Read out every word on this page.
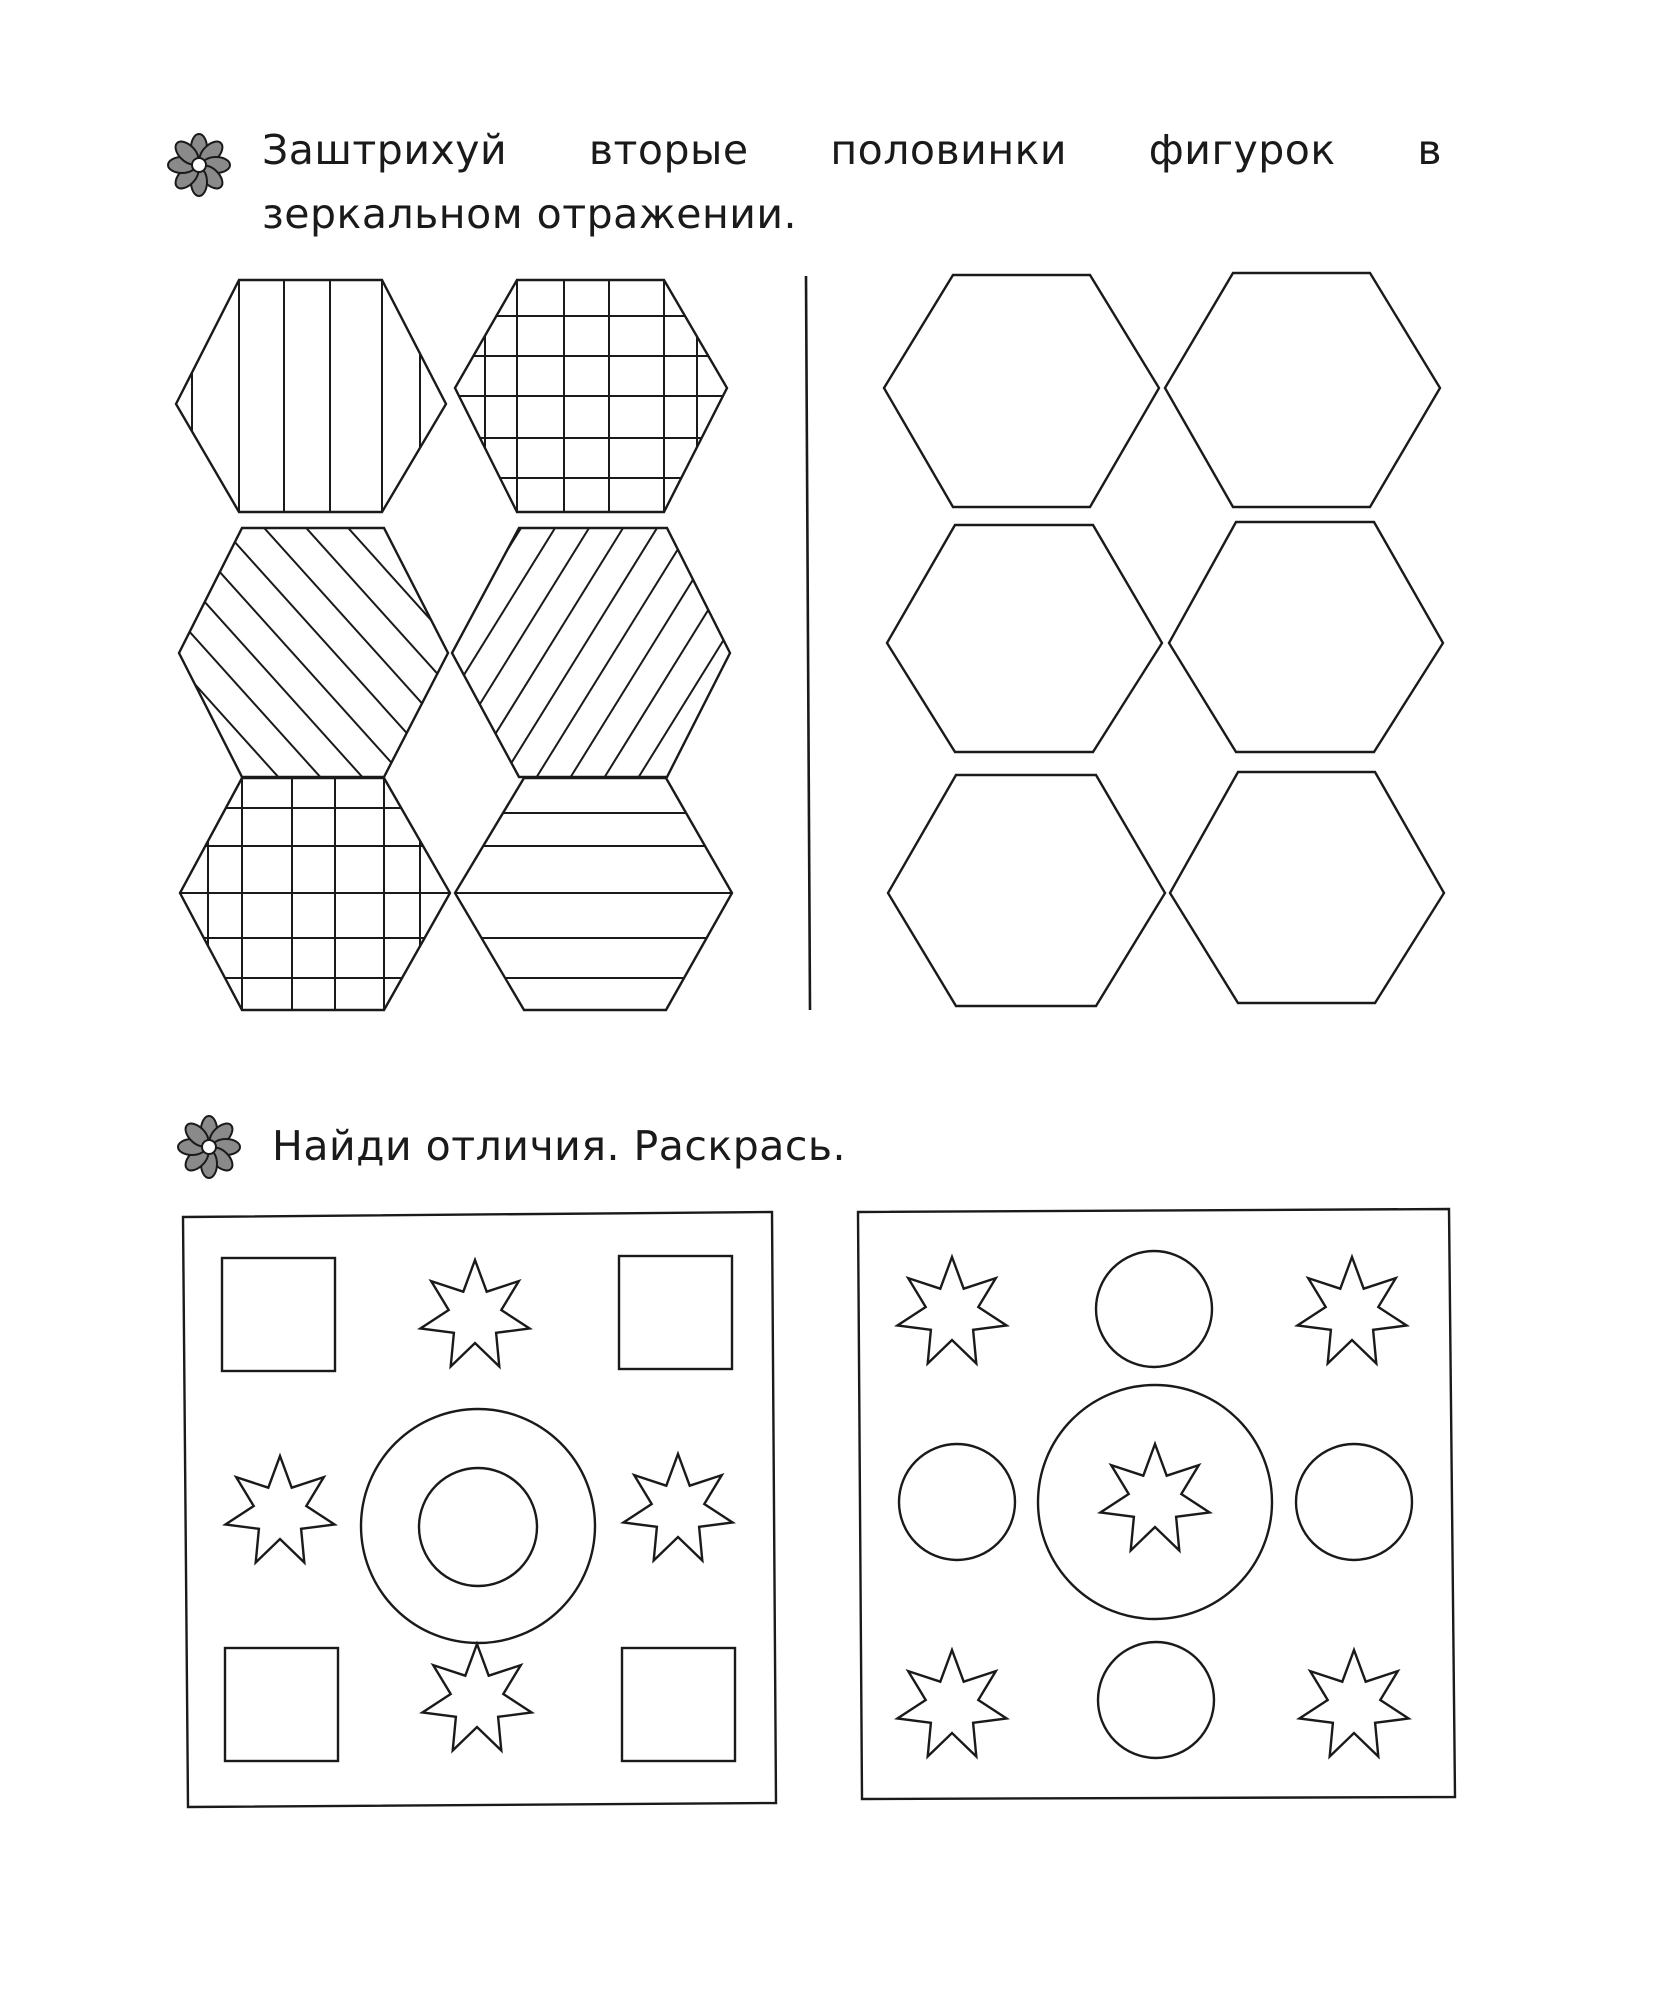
Заштрихуй вторые половинки фигурок в зеркальном отражении.
Найди отличия. Раскрась.
